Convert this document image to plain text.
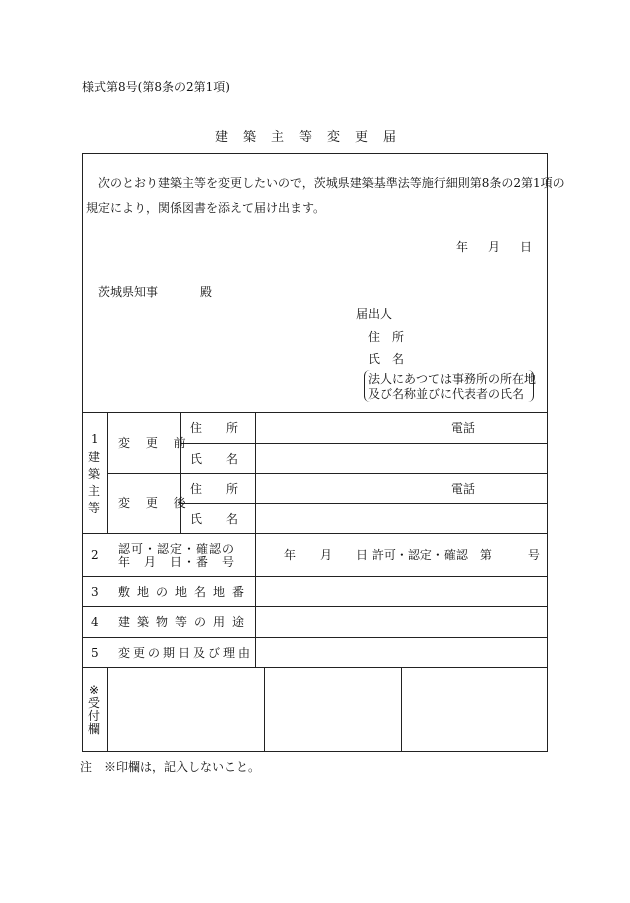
様式第8号(第8条の2第1項)
建築主等変更届
次のとおり建築主等を変更したいので，茨城県建築基準法等施行細則第8条の2第1項の
規定により，関係図書を添えて届け出ます。
年 月 日
茨城県知事	殿
届出人
住　所
氏　名
法人にあつては事務所の所在地
及び名称並びに代表者の氏名
1
建
築
主
等
変 更 前
変 更 後
住　　所
氏　　名
住　　所
氏　　名
電話
電話
2 認可・認定・確認の
年　月　日・番　号	年　　月　　日 許可・認定・確認　第　　　号
3 敷地の地名地番
4 建築物等の用途
5 変更の期日及び理由
※
受
付
欄
注　※印欄は，記入しないこと。
